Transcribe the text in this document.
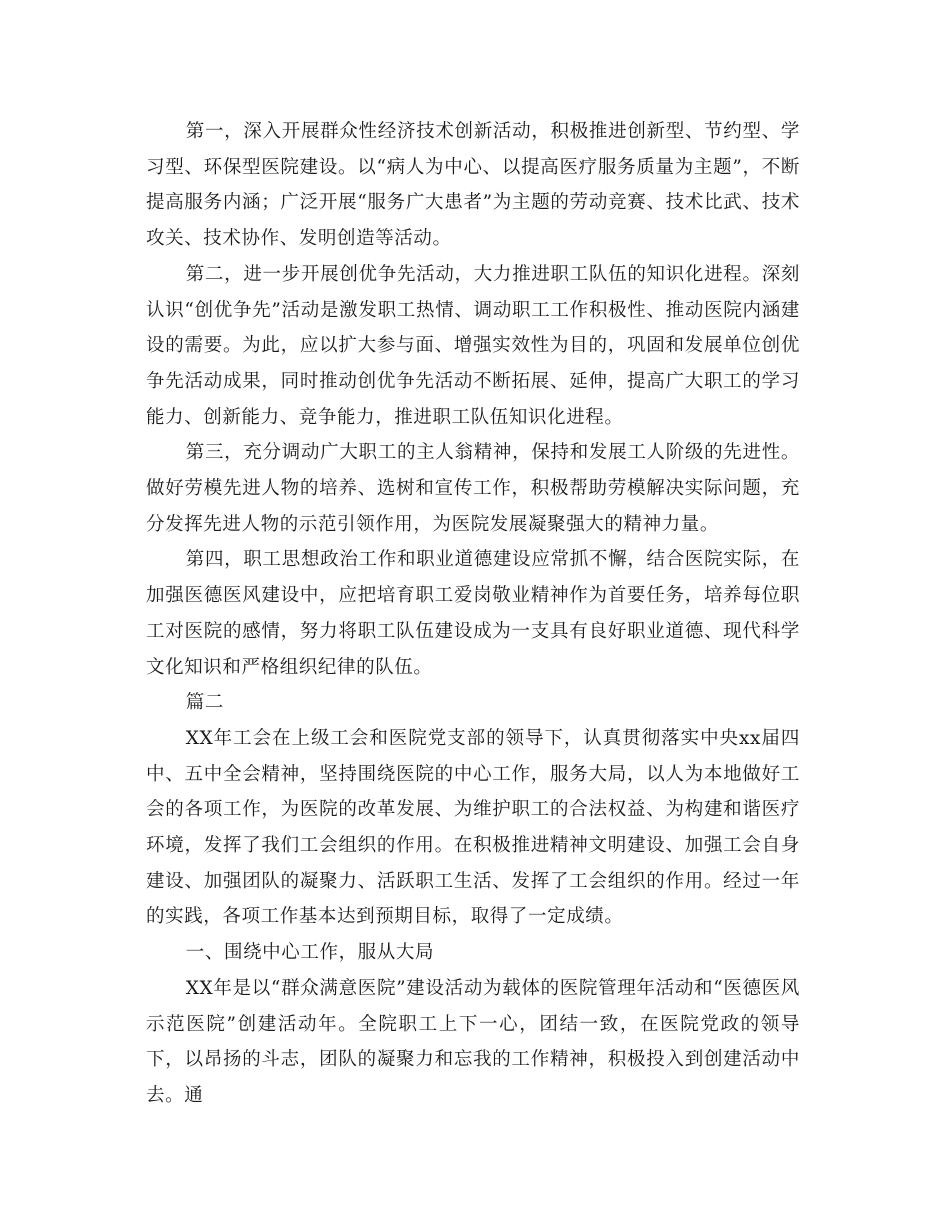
第一，深入开展群众性经济技术创新活动，积极推进创新型、节约型、学习型、环保型医院建设。以“病人为中心、以提高医疗服务质量为主题”，不断提高服务内涵；广泛开展“服务广大患者”为主题的劳动竞赛、技术比武、技术攻关、技术协作、发明创造等活动。

第二，进一步开展创优争先活动，大力推进职工队伍的知识化进程。深刻认识“创优争先”活动是激发职工热情、调动职工工作积极性、推动医院内涵建设的需要。为此，应以扩大参与面、增强实效性为目的，巩固和发展单位创优争先活动成果，同时推动创优争先活动不断拓展、延伸，提高广大职工的学习能力、创新能力、竞争能力，推进职工队伍知识化进程。

第三，充分调动广大职工的主人翁精神，保持和发展工人阶级的先进性。做好劳模先进人物的培养、选树和宣传工作，积极帮助劳模解决实际问题，充分发挥先进人物的示范引领作用，为医院发展凝聚强大的精神力量。

第四，职工思想政治工作和职业道德建设应常抓不懈，结合医院实际，在加强医德医风建设中，应把培育职工爱岗敬业精神作为首要任务，培养每位职工对医院的感情，努力将职工队伍建设成为一支具有良好职业道德、现代科学文化知识和严格组织纪律的队伍。

篇二

XX年工会在上级工会和医院党支部的领导下，认真贯彻落实中央xx届四中、五中全会精神，坚持围绕医院的中心工作，服务大局，以人为本地做好工会的各项工作，为医院的改革发展、为维护职工的合法权益、为构建和谐医疗环境，发挥了我们工会组织的作用。在积极推进精神文明建设、加强工会自身建设、加强团队的凝聚力、活跃职工生活、发挥了工会组织的作用。经过一年的实践，各项工作基本达到预期目标，取得了一定成绩。

一、围绕中心工作，服从大局

XX年是以“群众满意医院”建设活动为载体的医院管理年活动和“医德医风示范医院”创建活动年。全院职工上下一心，团结一致，在医院党政的领导下，以昂扬的斗志，团队的凝聚力和忘我的工作精神，积极投入到创建活动中去。通
